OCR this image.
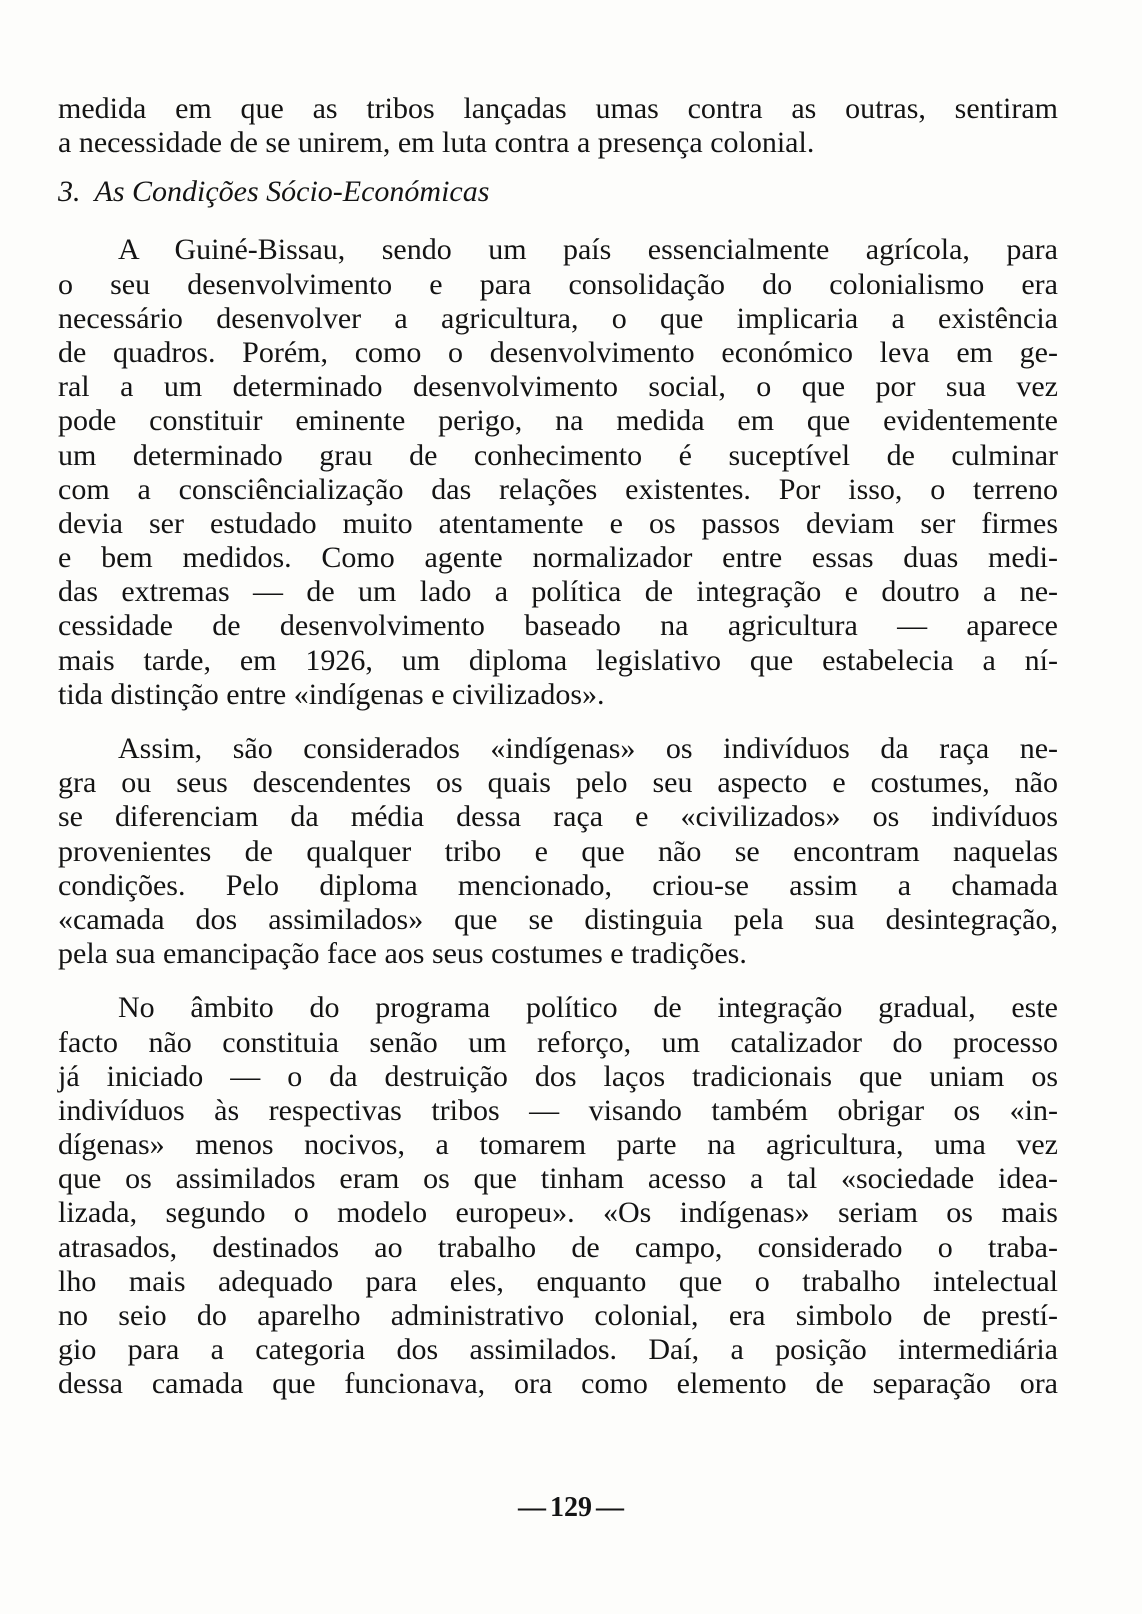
medida em que as tribos lançadas umas contra as outras, sentiram
a necessidade de se unirem, em luta contra a presença colonial.
3. As Condições Sócio-Económicas
A Guiné-Bissau, sendo um país essencialmente agrícola, para
o seu desenvolvimento e para consolidação do colonialismo era
necessário desenvolver a agricultura, o que implicaria a existência
de quadros. Porém, como o desenvolvimento económico leva em ge-
ral a um determinado desenvolvimento social, o que por sua vez
pode constituir eminente perigo, na medida em que evidentemente
um determinado grau de conhecimento é suceptível de culminar
com a consciêncialização das relações existentes. Por isso, o terreno
devia ser estudado muito atentamente e os passos deviam ser firmes
e bem medidos. Como agente normalizador entre essas duas medi-
das extremas — de um lado a política de integração e doutro a ne-
cessidade de desenvolvimento baseado na agricultura — aparece
mais tarde, em 1926, um diploma legislativo que estabelecia a ní-
tida distinção entre «indígenas e civilizados».
Assim, são considerados «indígenas» os indivíduos da raça ne-
gra ou seus descendentes os quais pelo seu aspecto e costumes, não
se diferenciam da média dessa raça e «civilizados» os indivíduos
provenientes de qualquer tribo e que não se encontram naquelas
condições. Pelo diploma mencionado, criou-se assim a chamada
«camada dos assimilados» que se distinguia pela sua desintegração,
pela sua emancipação face aos seus costumes e tradições.
No âmbito do programa político de integração gradual, este
facto não constituia senão um reforço, um catalizador do processo
já iniciado — o da destruição dos laços tradicionais que uniam os
indivíduos às respectivas tribos — visando também obrigar os «in-
dígenas» menos nocivos, a tomarem parte na agricultura, uma vez
que os assimilados eram os que tinham acesso a tal «sociedade idea-
lizada, segundo o modelo europeu». «Os indígenas» seriam os mais
atrasados, destinados ao trabalho de campo, considerado o traba-
lho mais adequado para eles, enquanto que o trabalho intelectual
no seio do aparelho administrativo colonial, era simbolo de prestí-
gio para a categoria dos assimilados. Daí, a posição intermediária
dessa camada que funcionava, ora como elemento de separação ora
— 129 —
